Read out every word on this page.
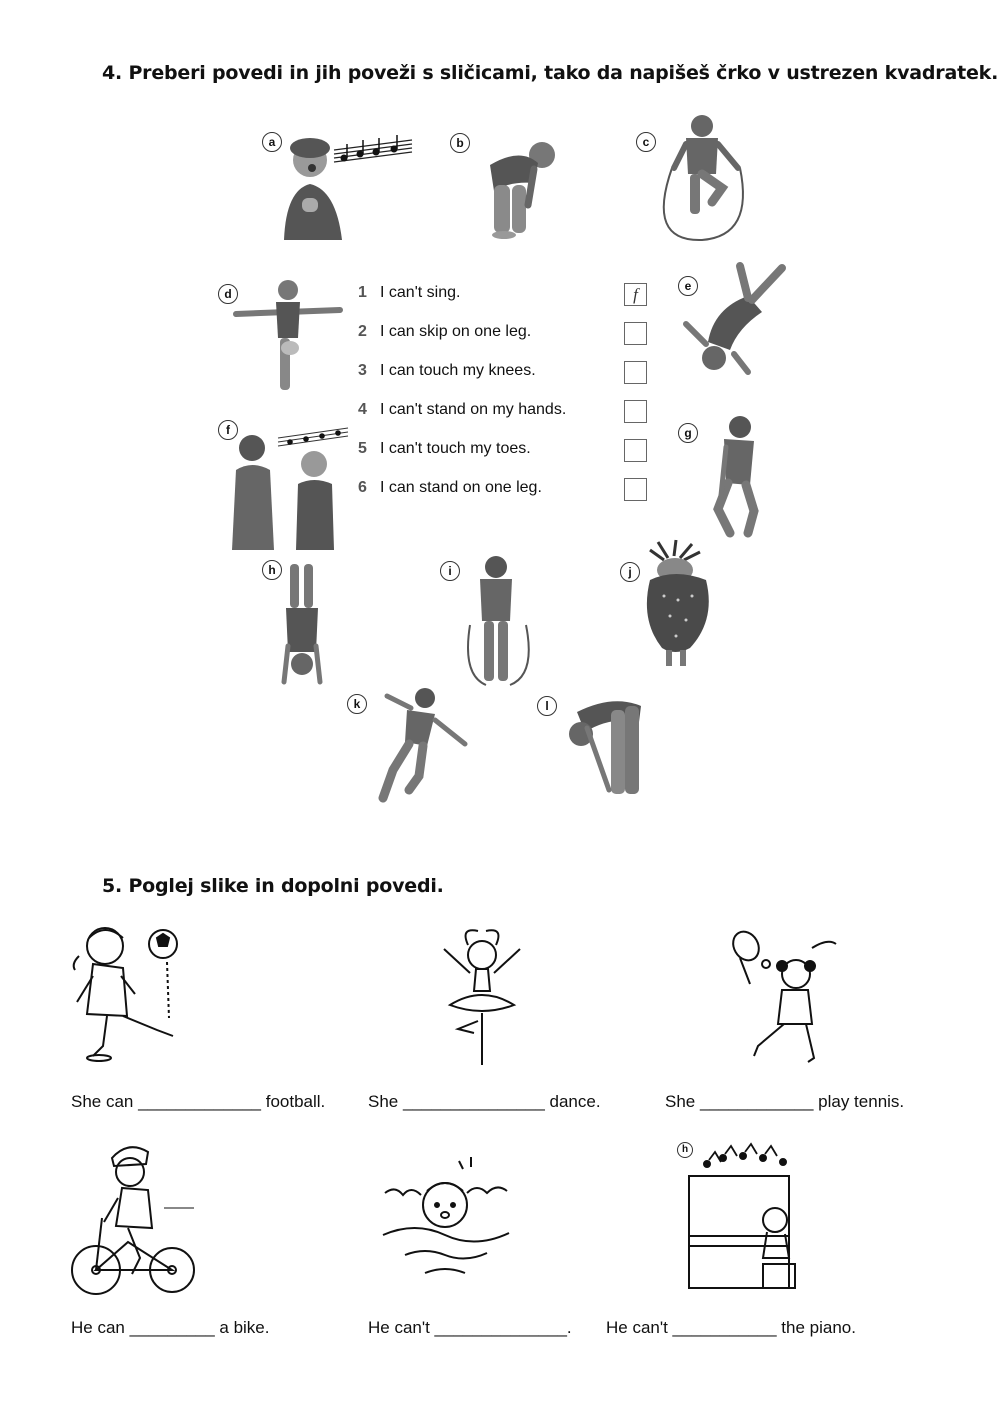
4. Preberi povedi in jih poveži s sličicami, tako da napišeš črko v ustrezen kvadratek.
a	b	c
d	1 I can't sing.	f
2 I can skip on one leg.
3 I can touch my knees.
4 I can't stand on my hands.
5 I can't touch my toes.
6 I can stand on one leg.
e
f	g
h	i	j
k	l
5. Poglej slike in dopolni povedi.
She can _____________ football.	She _______________ dance.	She ____________ play tennis.
h
He can _________ a bike.	He can't ______________. He can't ___________ the piano.
